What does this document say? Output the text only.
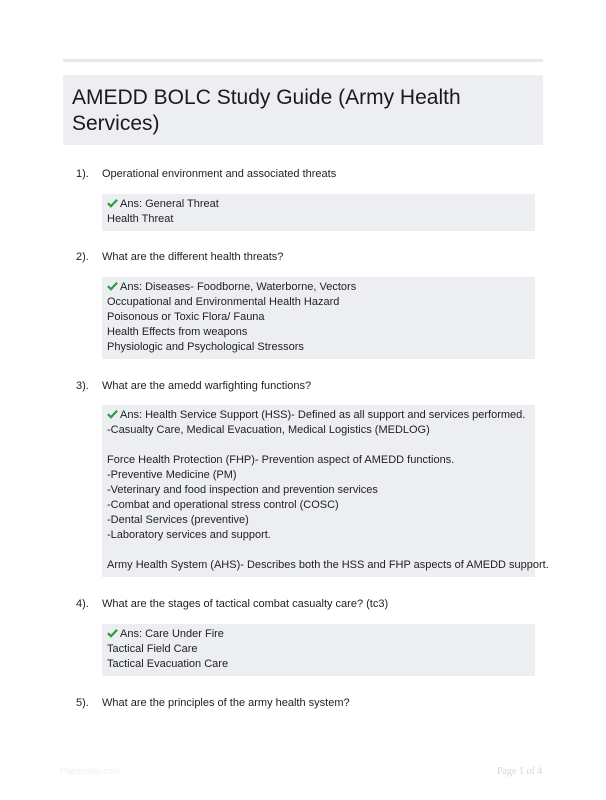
AMEDD BOLC Study Guide (Army Health Services)
1). Operational environment and associated threats
Ans: General Threat
Health Threat
2). What are the different health threats?
Ans: Diseases- Foodborne, Waterborne, Vectors
Occupational and Environmental Health Hazard
Poisonous or Toxic Flora/ Fauna
Health Effects from weapons
Physiologic and Psychological Stressors
3). What are the amedd warfighting functions?
Ans: Health Service Support (HSS)- Defined as all support and services performed.
-Casualty Care, Medical Evacuation, Medical Logistics (MEDLOG)
Force Health Protection (FHP)- Prevention aspect of AMEDD functions.
-Preventive Medicine (PM)
-Veterinary and food inspection and prevention services
-Combat and operational stress control (COSC)
-Dental Services (preventive)
-Laboratory services and support.
Army Health System (AHS)- Describes both the HSS and FHP aspects of AMEDD support.
4). What are the stages of tactical combat casualty care? (tc3)
Ans: Care Under Fire
Tactical Field Care
Tactical Evacuation Care
5). What are the principles of the army health system?
Paperbbic.com	Page 1 of 4
